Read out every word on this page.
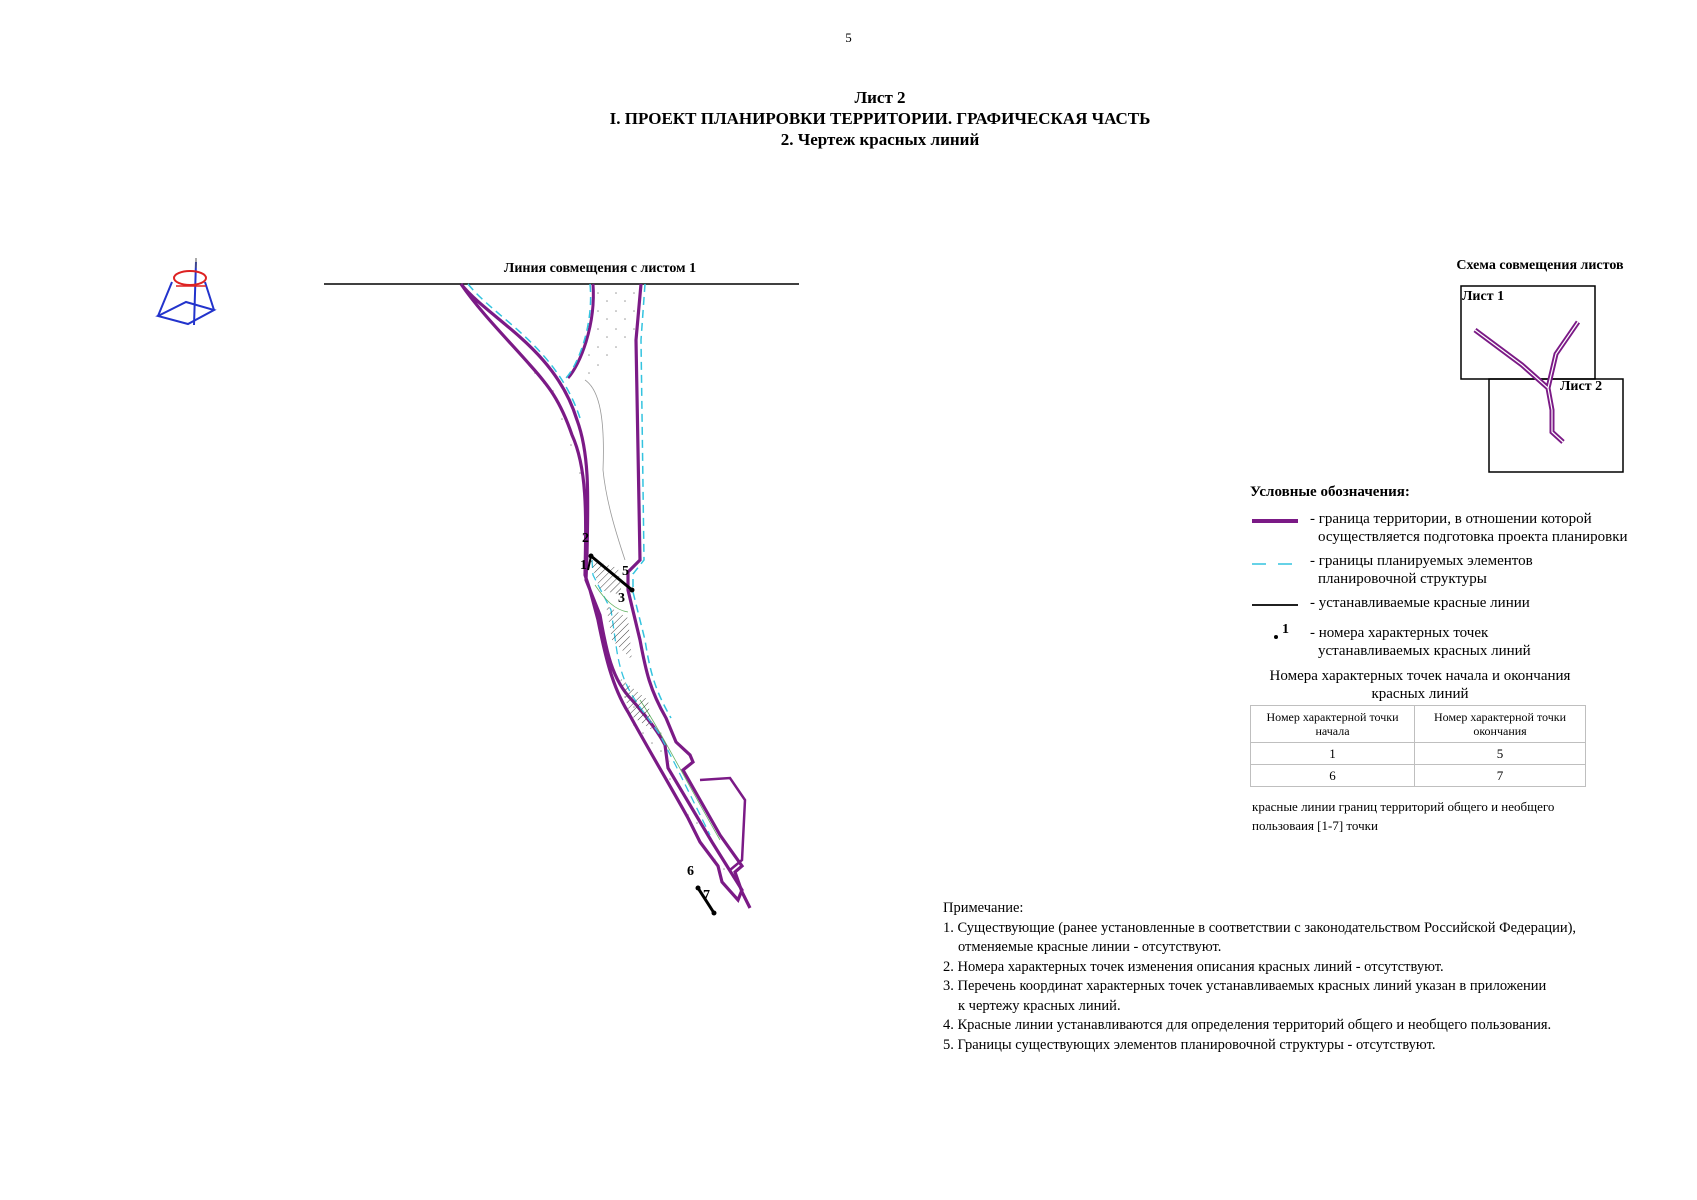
5
Лист 2
I. ПРОЕКТ ПЛАНИРОВКИ ТЕРРИТОРИИ. ГРАФИЧЕСКАЯ ЧАСТЬ
2. Чертеж красных линий
Линия совмещения с листом 1
2
1	5
3
6
7
Схема совмещения листов
Лист 1
Лист 2
Условные обозначения:
- граница территории, в отношении которой
осуществляется подготовка проекта планировки
- границы планируемых элементов
планировочной структуры
- устанавливаемые красные линии
1 - номера характерных точек
устанавливаемых красных линий
Номера характерных точек начала и окончания
красных линий
Номер характерной точки начала	Номер характерной точки окончания
1	5
6	7
красные линии границ территорий общего и необщего
пользоваия [1-7] точки
Примечание:
1. Существующие (ранее установленные в соответствии с законодательством Российской Федерации),
отменяемые красные линии - отсутствуют.
2. Номера характерных точек изменения описания красных линий - отсутствуют.
3. Перечень координат характерных точек устанавливаемых красных линий указан в приложении
к чертежу красных линий.
4. Красные линии устанавливаются для определения территорий общего и необщего пользования.
5. Границы существующих элементов планировочной структуры - отсутствуют.
